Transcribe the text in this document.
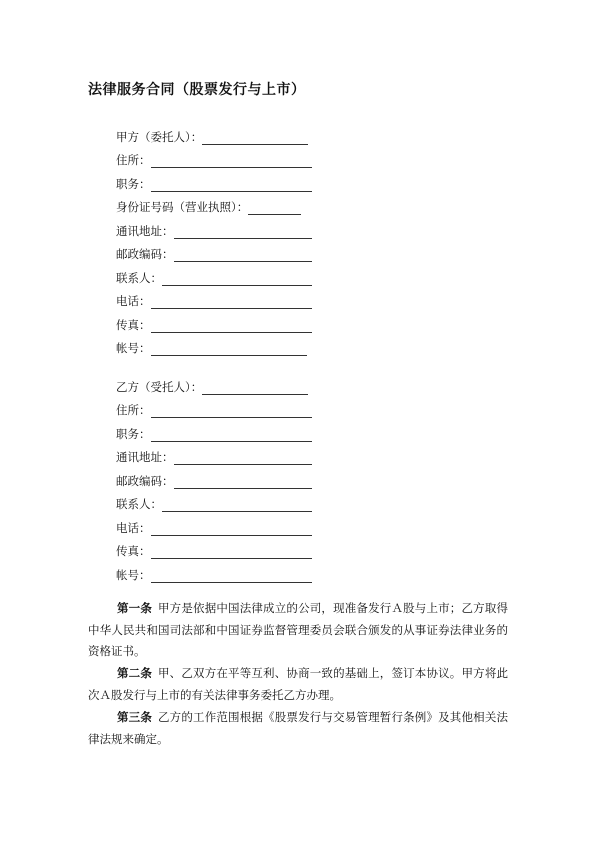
法律服务合同（股票发行与上市）
甲方（委托人）：
住所：
职务：
身份证号码（营业执照）：
通讯地址：
邮政编码：
联系人：
电话：
传真：
帐号：
乙方（受托人）：
住所：
职务：
通讯地址：
邮政编码：
联系人：
电话：
传真：
帐号：
第一条 甲方是依据中国法律成立的公司，现准备发行Ａ股与上市；乙方取得中华人民共和国司法部和中国证券监督管理委员会联合颁发的从事证券法律业务的资格证书。
第二条 甲、乙双方在平等互利、协商一致的基础上，签订本协议。甲方将此次Ａ股发行与上市的有关法律事务委托乙方办理。
第三条 乙方的工作范围根据《股票发行与交易管理暂行条例》及其他相关法律法规来确定。
